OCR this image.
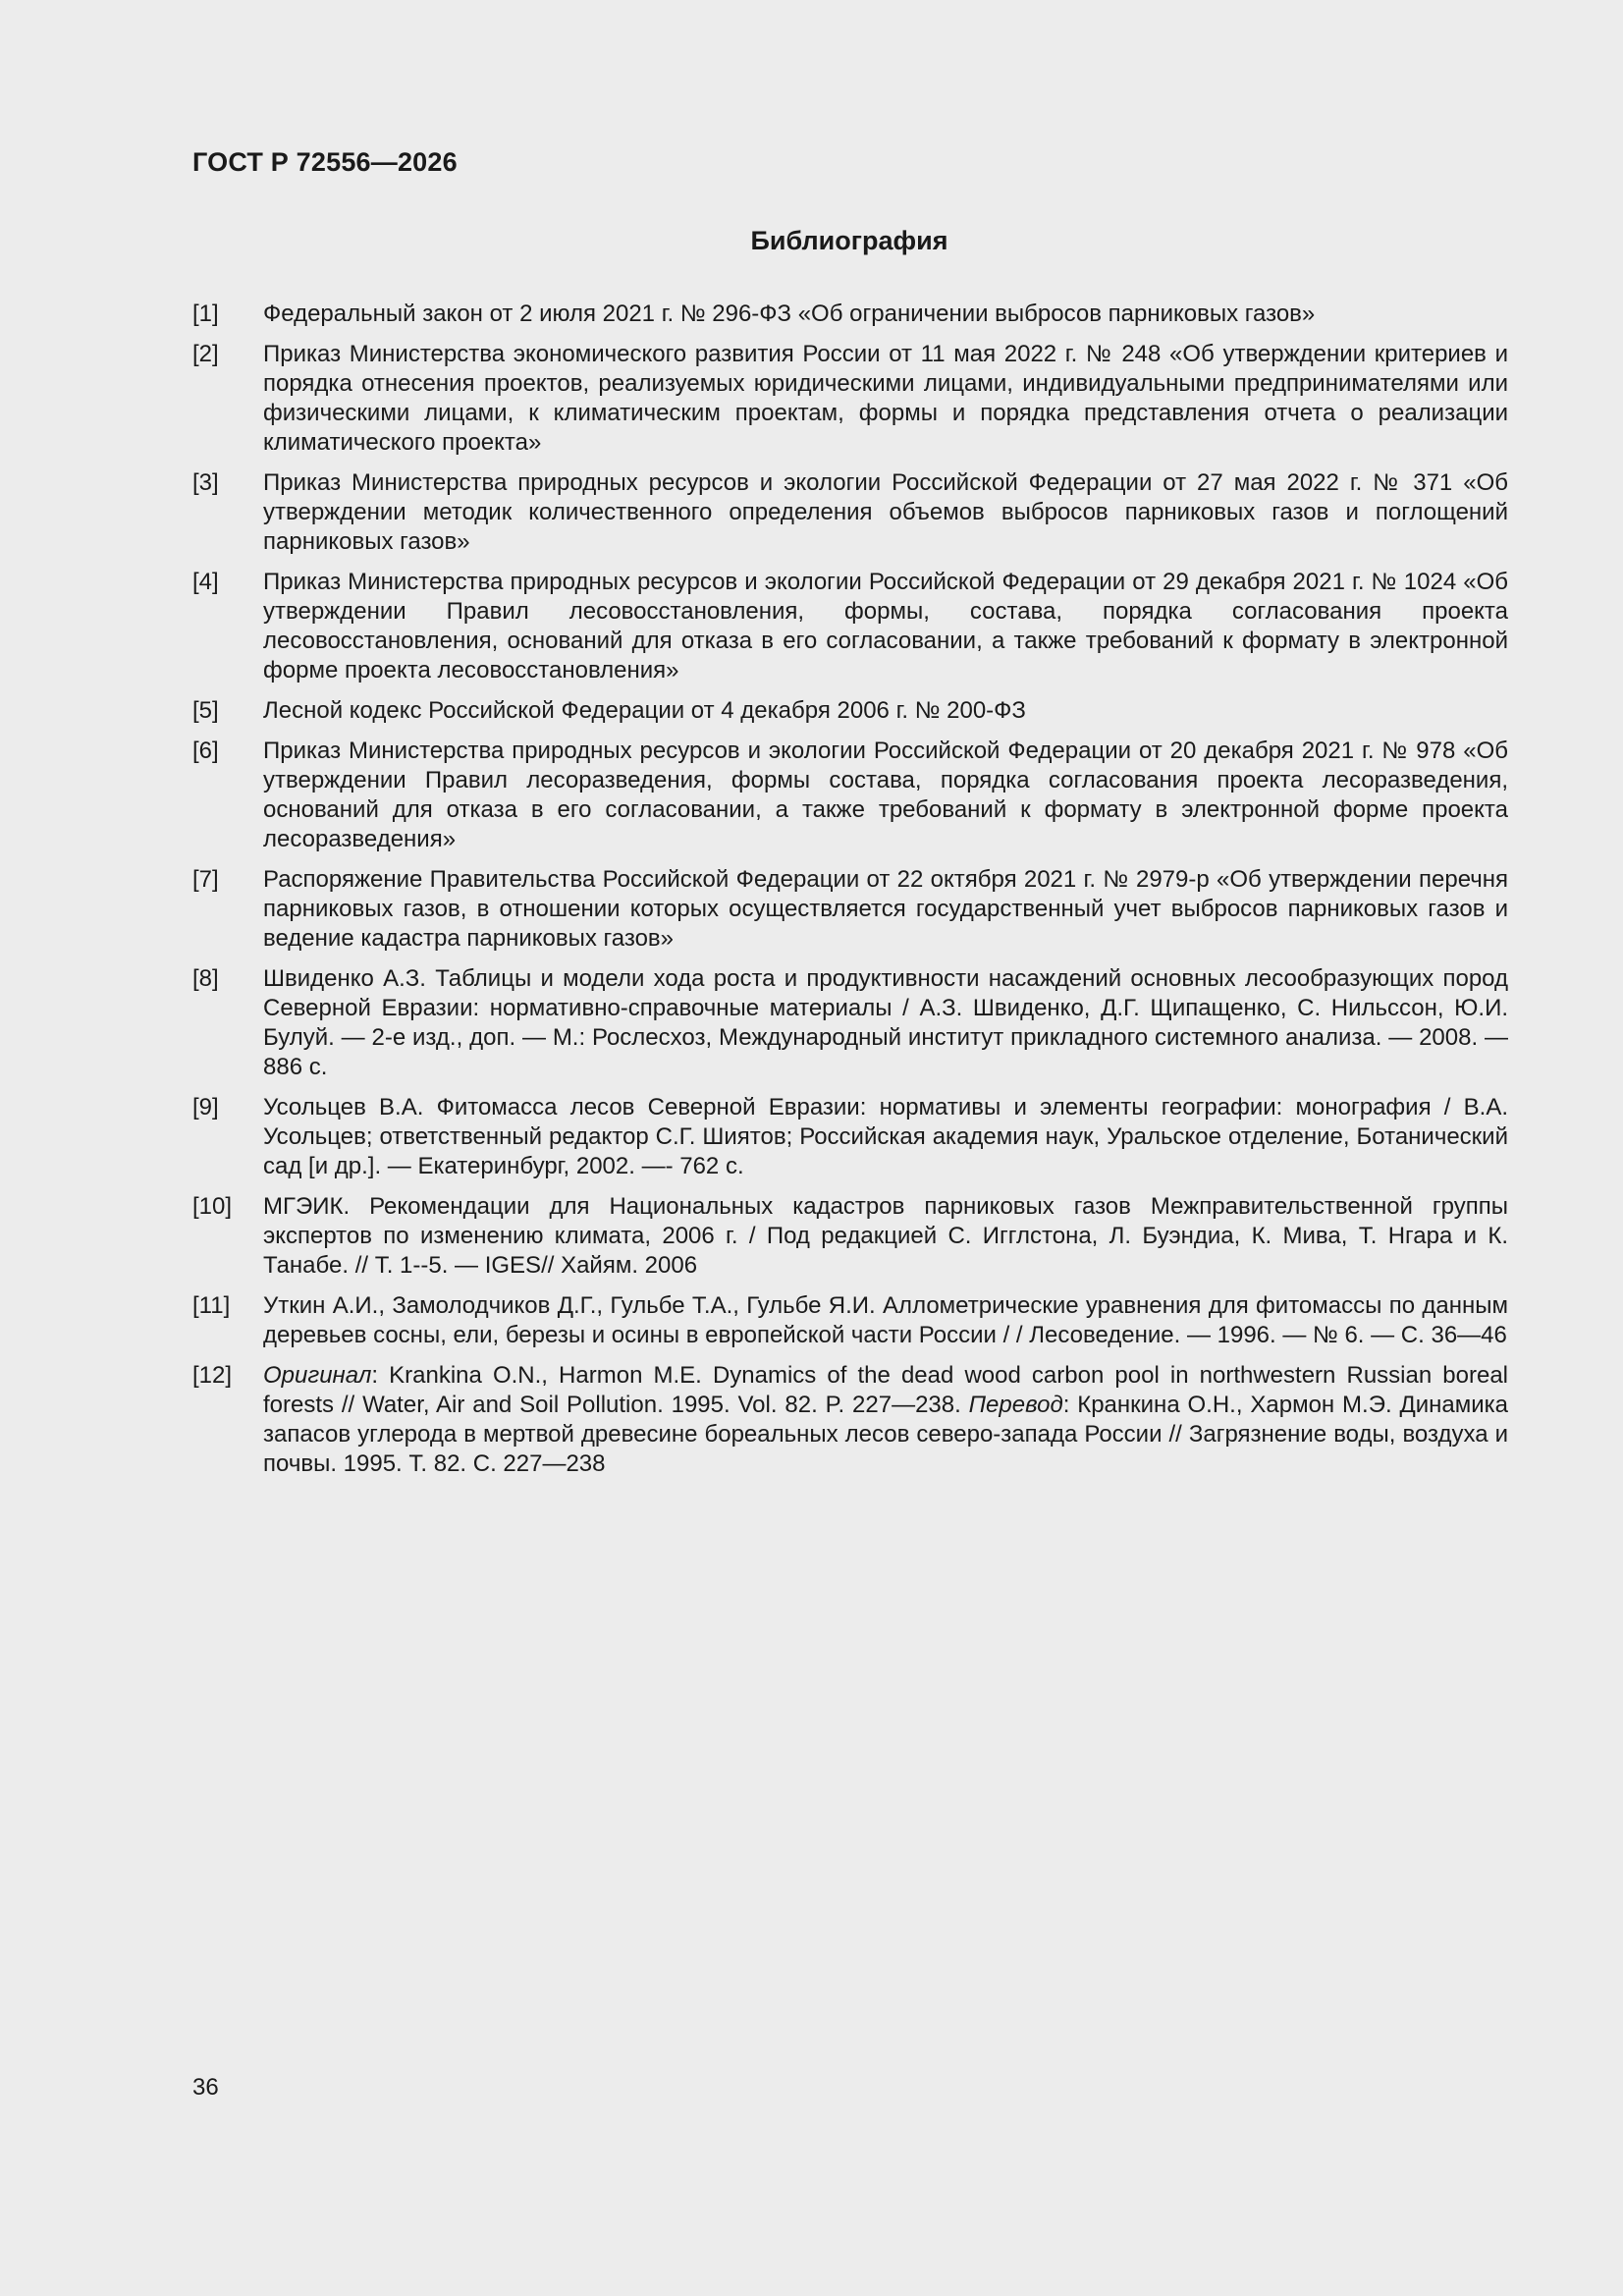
ГОСТ Р 72556—2026
Библиография
[1]	Федеральный закон от 2 июля 2021 г. № 296-ФЗ «Об ограничении выбросов парниковых газов»
[2]	Приказ Министерства экономического развития России от 11 мая 2022 г. № 248 «Об утверждении критериев и порядка отнесения проектов, реализуемых юридическими лицами, индивидуальными предпринимателями или физическими лицами, к климатическим проектам, формы и порядка представления отчета о реализации климатического проекта»
[3]	Приказ Министерства природных ресурсов и экологии Российской Федерации от 27 мая 2022 г. № 371 «Об утверждении методик количественного определения объемов выбросов парниковых газов и поглощений парниковых газов»
[4]	Приказ Министерства природных ресурсов и экологии Российской Федерации от 29 декабря 2021 г. № 1024 «Об утверждении Правил лесовосстановления, формы, состава, порядка согласования проекта лесовосстановления, оснований для отказа в его согласовании, а также требований к формату в электронной форме проекта лесовосстановления»
[5]	Лесной кодекс Российской Федерации от 4 декабря 2006 г. № 200-ФЗ
[6]	Приказ Министерства природных ресурсов и экологии Российской Федерации от 20 декабря 2021 г. № 978 «Об утверждении Правил лесоразведения, формы состава, порядка согласования проекта лесоразведения, оснований для отказа в его согласовании, а также требований к формату в электронной форме проекта лесоразведения»
[7]	Распоряжение Правительства Российской Федерации от 22 октября 2021 г. № 2979-р «Об утверждении перечня парниковых газов, в отношении которых осуществляется государственный учет выбросов парниковых газов и ведение кадастра парниковых газов»
[8]	Швиденко А.З. Таблицы и модели хода роста и продуктивности насаждений основных лесообразующих пород Северной Евразии: нормативно-справочные материалы / А.З. Швиденко, Д.Г. Щипащенко, С. Нильссон, Ю.И. Булуй. — 2-е изд., доп. — М.: Рослесхоз, Международный институт прикладного системного анализа. — 2008. — 886 с.
[9]	Усольцев В.А. Фитомасса лесов Северной Евразии: нормативы и элементы географии: монография / В.А. Усольцев; ответственный редактор С.Г. Шиятов; Российская академия наук, Уральское отделение, Ботанический сад [и др.]. — Екатеринбург, 2002. —- 762 с.
[10]	МГЭИК. Рекомендации для Национальных кадастров парниковых газов Межправительственной группы экспертов по изменению климата, 2006 г. / Под редакцией С. Игглстона, Л. Буэндиа, К. Мива, Т. Нгара и К. Танабе. // Т. 1--5. — IGES// Хайям. 2006
[11]	Уткин А.И., Замолодчиков Д.Г., Гульбе Т.А., Гульбе Я.И. Аллометрические уравнения для фитомассы по данным деревьев сосны, ели, березы и осины в европейской части России / / Лесоведение. — 1996. — № 6. — С. 36—46
[12]	Оригинал: Krankina O.N., Harmon M.E. Dynamics of the dead wood carbon pool in northwestern Russian boreal forests // Water, Air and Soil Pollution. 1995. Vol. 82. P. 227—238. Перевод: Кранкина О.Н., Хармон М.Э. Динамика запасов углерода в мертвой древесине бореальных лесов северо-запада России // Загрязнение воды, воздуха и почвы. 1995. Т. 82. С. 227—238
36
